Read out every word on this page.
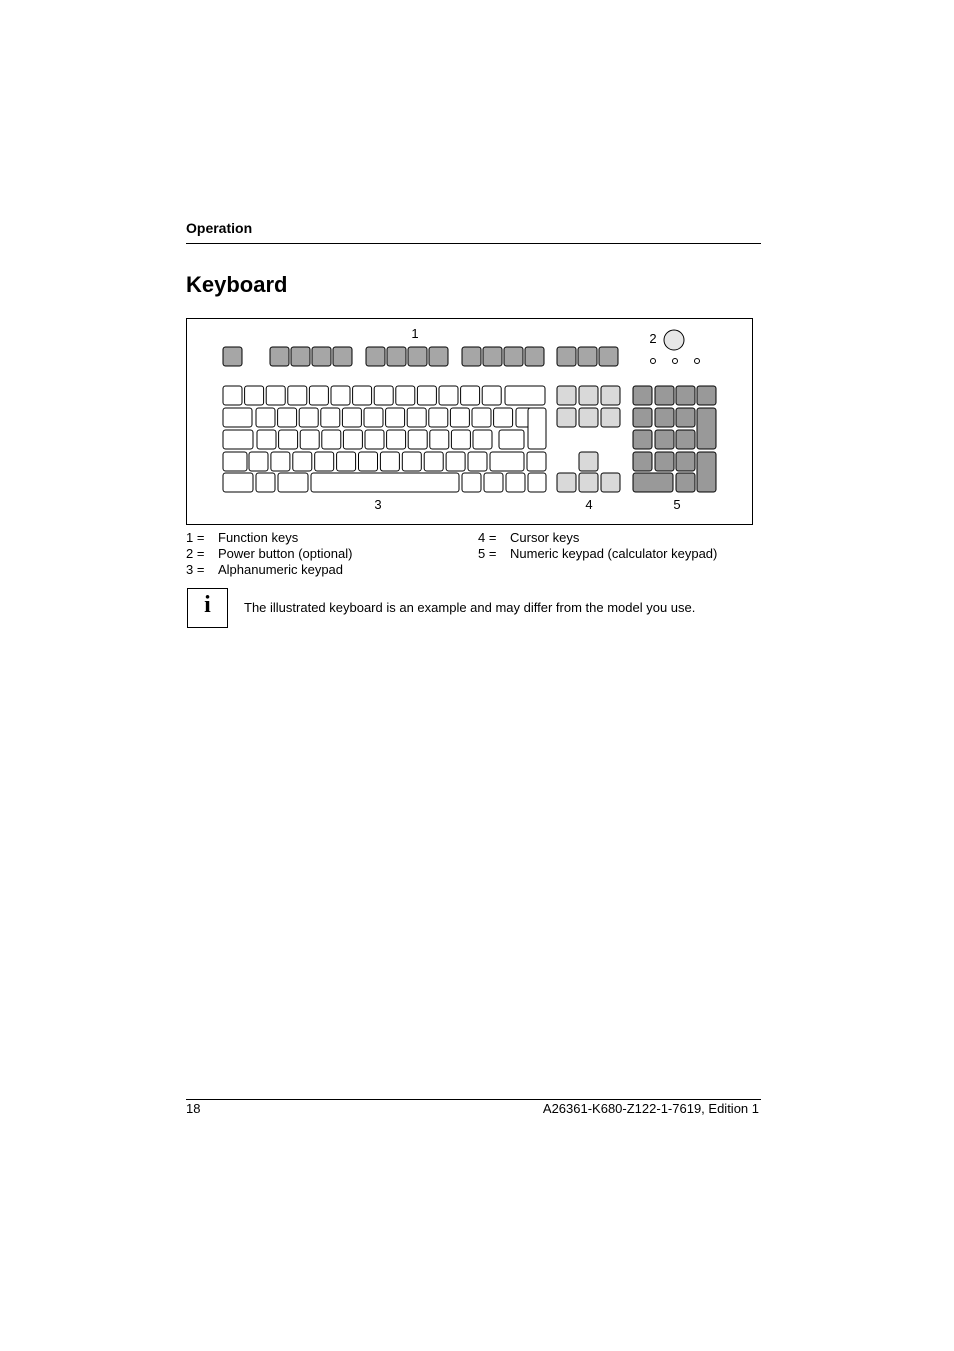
Operation
Keyboard
1	2
3	4	5
1 = Function keys
2 = Power button (optional)
3 = Alphanumeric keypad
4 = Cursor keys
5 = Numeric keypad (calculator keypad)
i	The illustrated keyboard is an example and may differ from the model you use.
18	A26361-K680-Z122-1-7619, Edition 1
